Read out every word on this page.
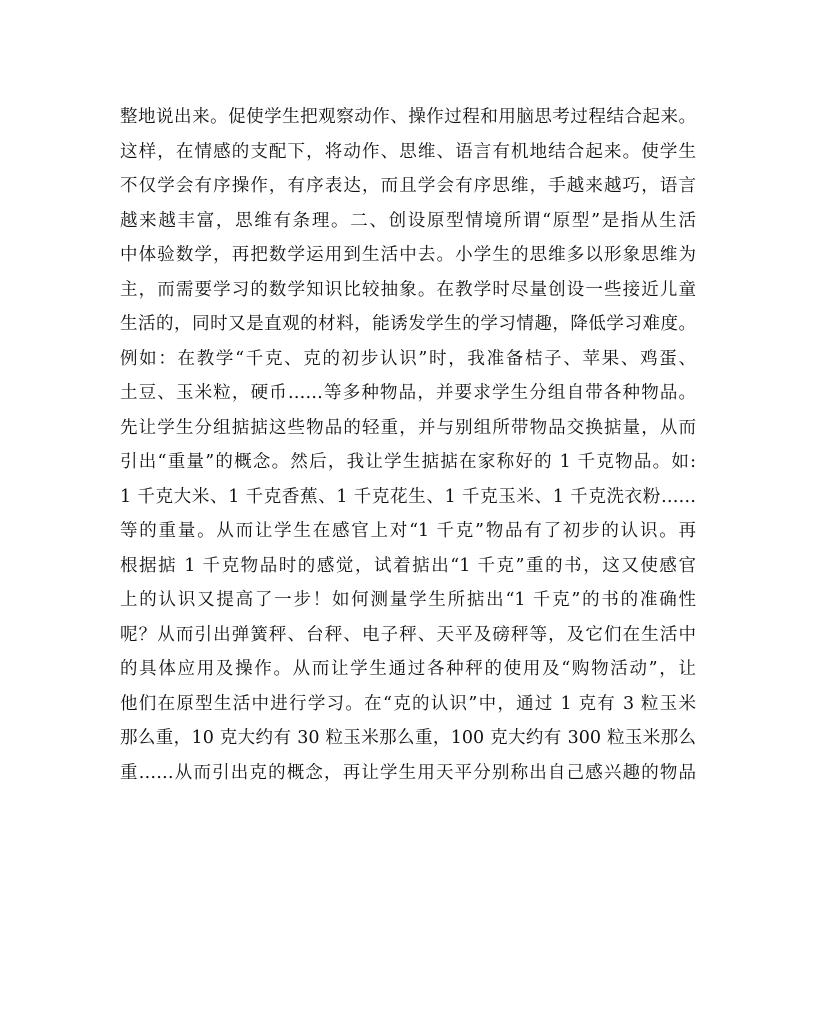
整地说出来。促使学生把观察动作、操作过程和用脑思考过程结合起来。
这样，在情感的支配下，将动作、思维、语言有机地结合起来。使学生
不仅学会有序操作，有序表达，而且学会有序思维，手越来越巧，语言
越来越丰富，思维有条理。二、创设原型情境所谓“原型”是指从生活
中体验数学，再把数学运用到生活中去。小学生的思维多以形象思维为
主，而需要学习的数学知识比较抽象。在教学时尽量创设一些接近儿童
生活的，同时又是直观的材料，能诱发学生的学习情趣，降低学习难度。
例如：在教学“千克、克的初步认识”时，我准备桔子、苹果、鸡蛋、
土豆、玉米粒，硬币……等多种物品，并要求学生分组自带各种物品。
先让学生分组掂掂这些物品的轻重，并与别组所带物品交换掂量，从而
引出“重量”的概念。然后，我让学生掂掂在家称好的 1 千克物品。如:
1 千克大米、1 千克香蕉、1 千克花生、1 千克玉米、1 千克洗衣粉……
等的重量。从而让学生在感官上对“1 千克”物品有了初步的认识。再
根据掂 1 千克物品时的感觉，试着掂出“1 千克”重的书，这又使感官
上的认识又提高了一步！如何测量学生所掂出“1 千克”的书的准确性
呢？从而引出弹簧秤、台秤、电子秤、天平及磅秤等，及它们在生活中
的具体应用及操作。从而让学生通过各种秤的使用及“购物活动”，让
他们在原型生活中进行学习。在“克的认识”中，通过 1 克有 3 粒玉米
那么重，10 克大约有 30 粒玉米那么重，100 克大约有 300 粒玉米那么
重……从而引出克的概念，再让学生用天平分别称出自己感兴趣的物品
